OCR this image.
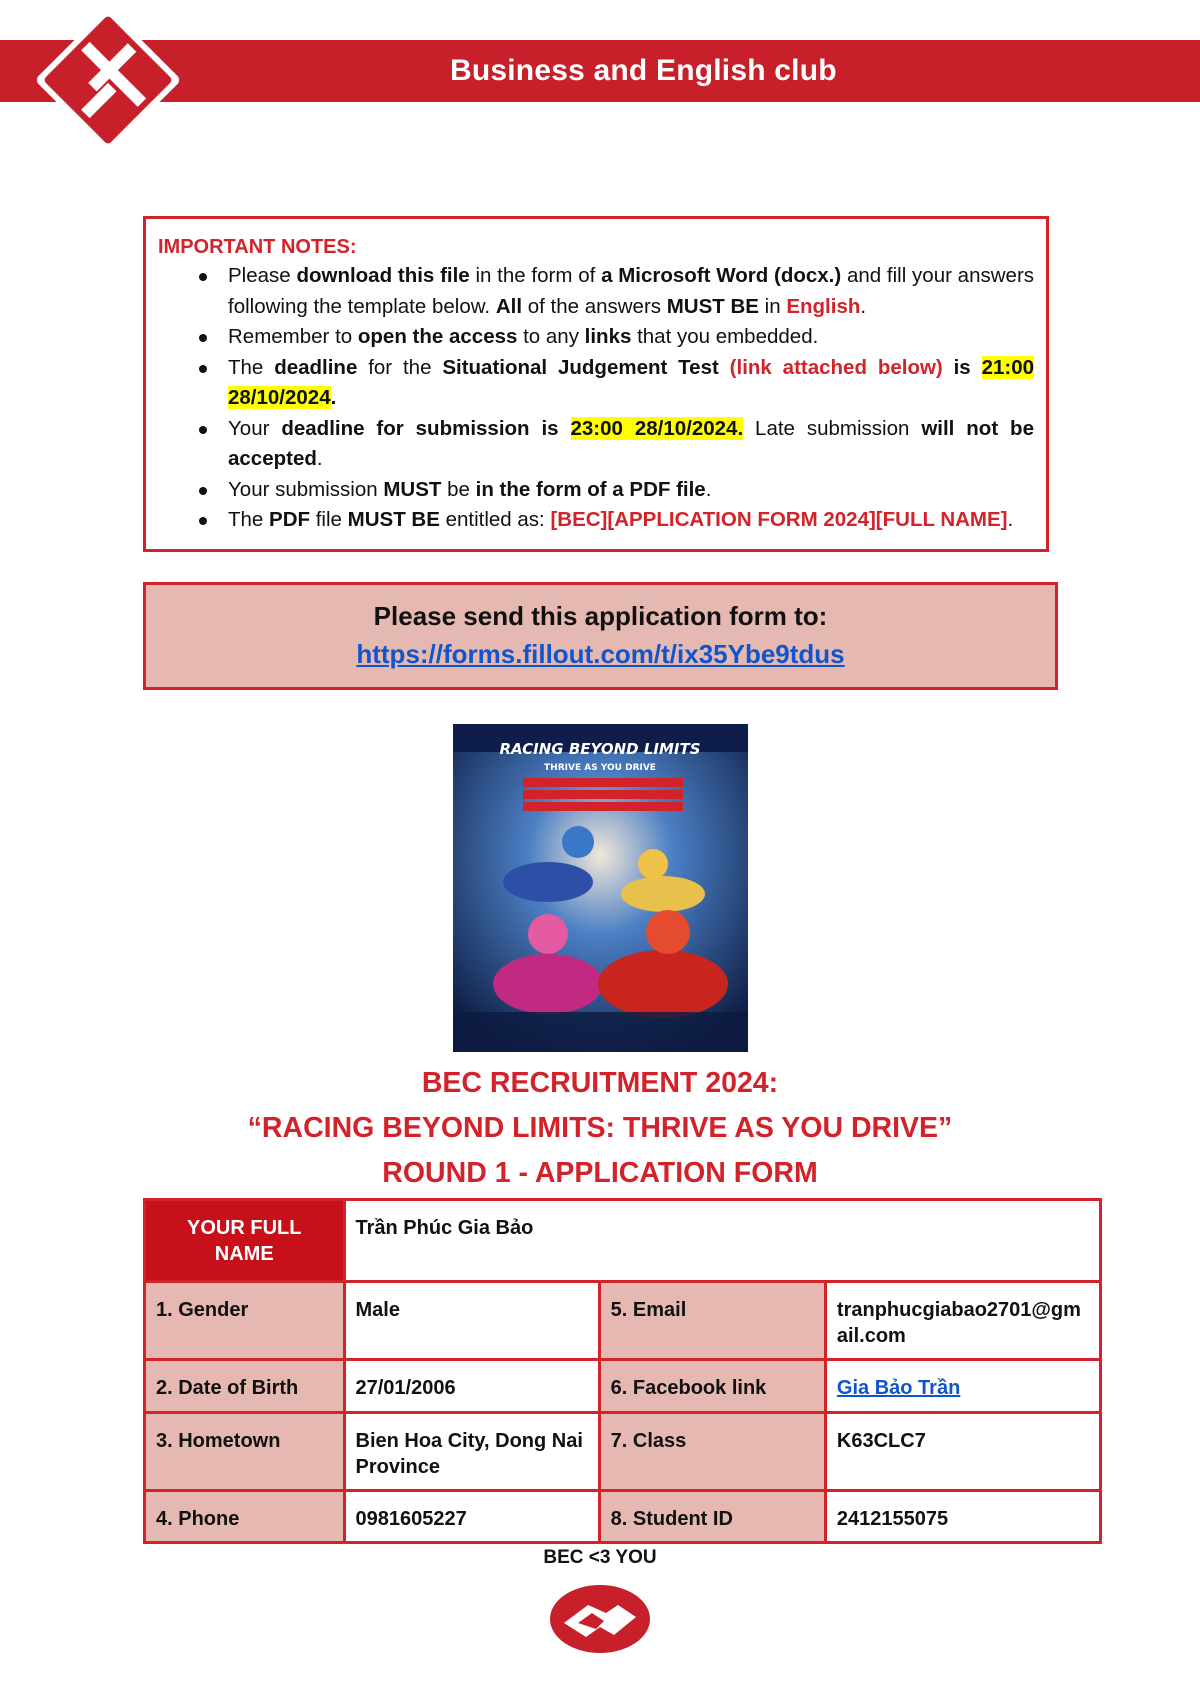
Business and English club
IMPORTANT NOTES:
Please download this file in the form of a Microsoft Word (docx.) and fill your answers following the template below. All of the answers MUST BE in English.
Remember to open the access to any links that you embedded.
The deadline for the Situational Judgement Test (link attached below) is 21:00 28/10/2024.
Your deadline for submission is 23:00 28/10/2024. Late submission will not be accepted.
Your submission MUST be in the form of a PDF file.
The PDF file MUST BE entitled as: [BEC][APPLICATION FORM 2024][FULL NAME].
Please send this application form to:
https://forms.fillout.com/t/ix35Ybe9tdus
RACING BEYOND LIMITS
THRIVE AS YOU DRIVE
BEC RECRUITMENT 2024:
“RACING BEYOND LIMITS: THRIVE AS YOU DRIVE”
ROUND 1 - APPLICATION FORM
YOUR FULL NAME	Trần Phúc Gia Bảo		
1. Gender	Male	5. Email	tranphucgiabao2701@gmail.com
2. Date of Birth	27/01/2006	6. Facebook link	Gia Bảo Trần
3. Hometown	Bien Hoa City, Dong Nai Province	7. Class	K63CLC7
4. Phone	0981605227	8. Student ID	2412155075
BEC <3 YOU
